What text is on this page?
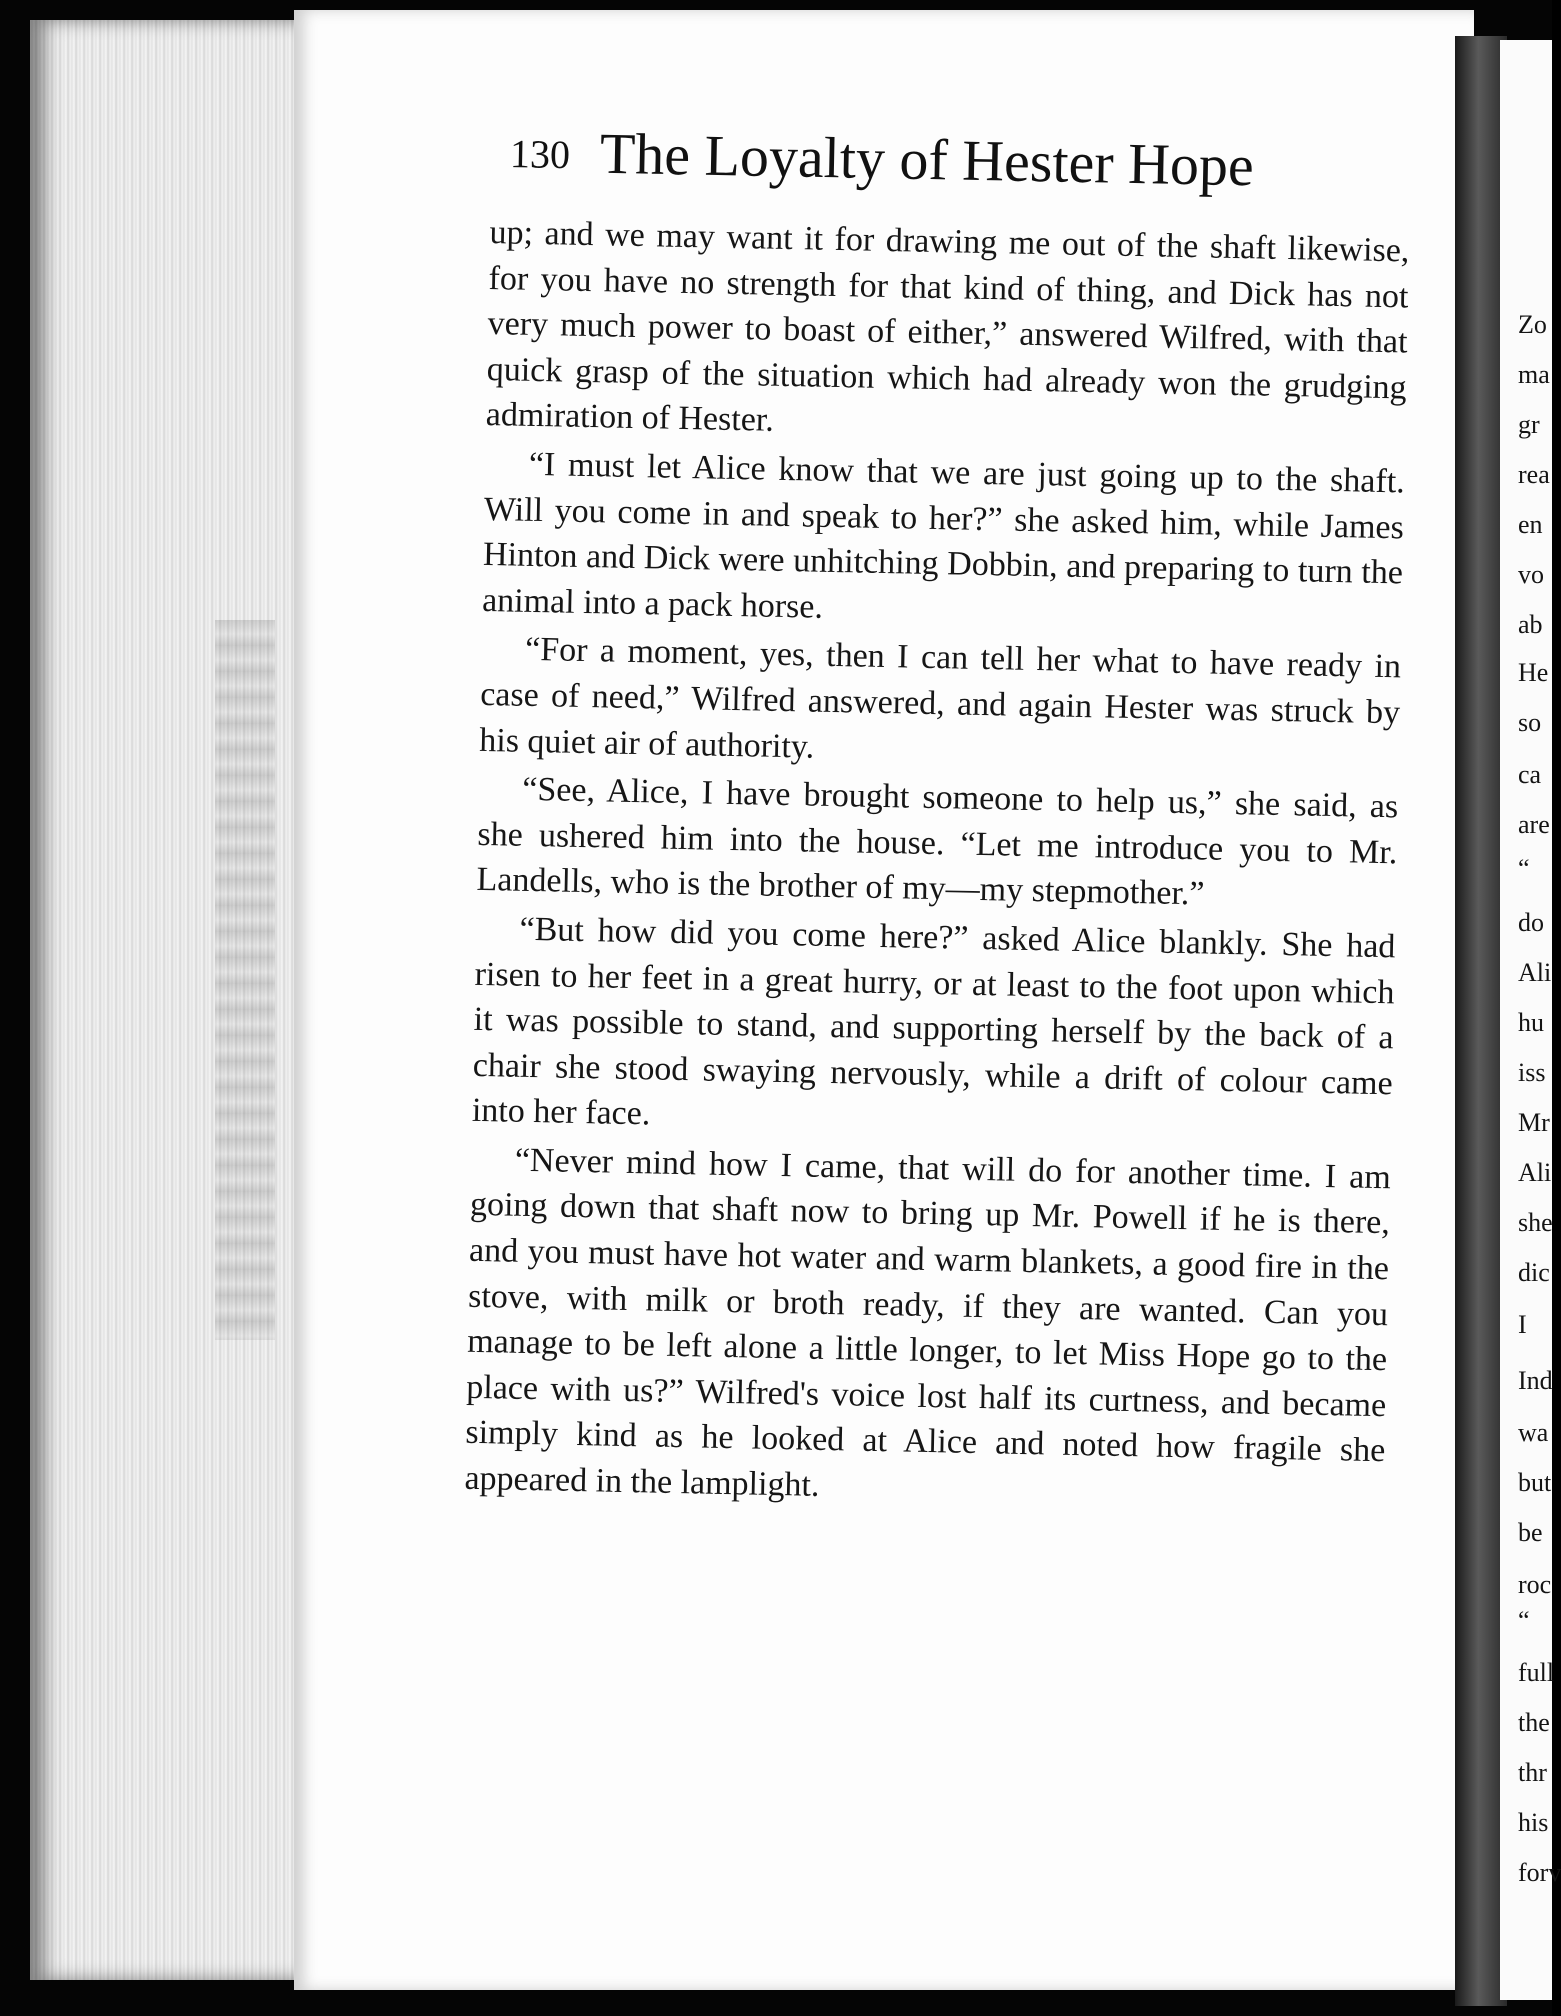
130 The Loyalty of Hester Hope

up; and we may want it for drawing me out of the shaft likewise, for you have no strength for that kind of thing, and Dick has not very much power to boast of either,” answered Wilfred, with that quick grasp of the situation which had already won the grudging admiration of Hester.

“I must let Alice know that we are just going up to the shaft. Will you come in and speak to her?” she asked him, while James Hinton and Dick were unhitching Dobbin, and preparing to turn the animal into a pack horse.

“For a moment, yes, then I can tell her what to have ready in case of need,” Wilfred answered, and again Hester was struck by his quiet air of authority.

“See, Alice, I have brought someone to help us,” she said, as she ushered him into the house. “Let me introduce you to Mr. Landells, who is the brother of my—my stepmother.”

“But how did you come here?” asked Alice blankly. She had risen to her feet in a great hurry, or at least to the foot upon which it was possible to stand, and supporting herself by the back of a chair she stood swaying nervously, while a drift of colour came into her face.

“Never mind how I came, that will do for another time. I am going down that shaft now to bring up Mr. Powell if he is there, and you must have hot water and warm blankets, a good fire in the stove, with milk or broth ready, if they are wanted. Can you manage to be left alone a little longer, to let Miss Hope go to the place with us?” Wilfred's voice lost half its curtness, and became simply kind as he looked at Alice and noted how fragile she appeared in the lamplight.

Zo
ma
gr
rea
en
vo
ab
He
so
ca
are
“
do
Ali
hu
iss
Mr
Ali
she
dic
I
Ind
wa
but
be
roc
“
full
the
thr
his
forv
